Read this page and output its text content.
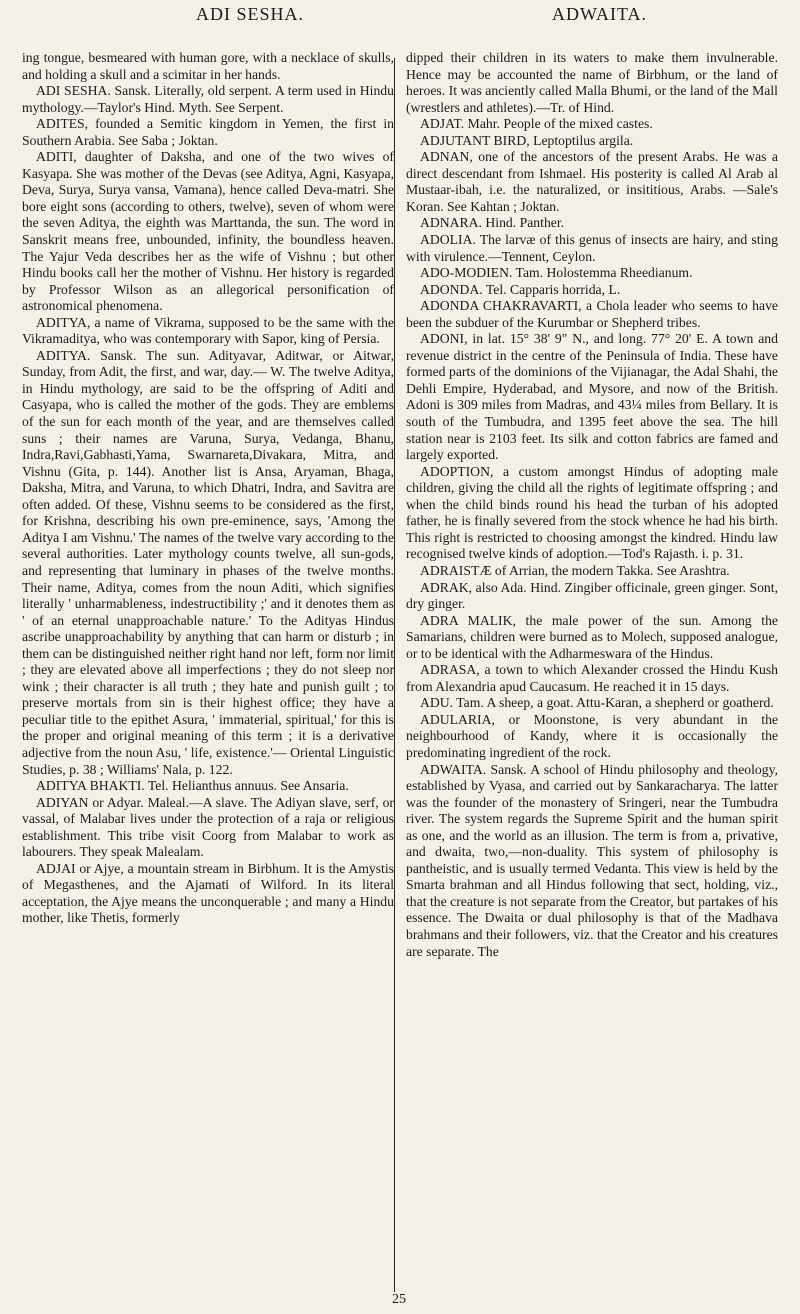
ADI SESHA.	ADWAITA.

ing tongue, besmeared with human gore, with a necklace of skulls, and holding a skull and a scimitar in her hands.

ADI SESHA. Sansk. Literally, old serpent. A term used in Hindu mythology.—Taylor's Hind. Myth. See Serpent.

ADITES, founded a Semitic kingdom in Yemen, the first in Southern Arabia. See Saba ; Joktan.

ADITI, daughter of Daksha, and one of the two wives of Kasyapa. She was mother of the Devas (see Aditya, Agni, Kasyapa, Deva, Surya, Surya vansa, Vamana), hence called Deva-matri. She bore eight sons (according to others, twelve), seven of whom were the seven Aditya, the eighth was Marttanda, the sun. The word in Sanskrit means free, unbounded, infinity, the boundless heaven. The Yajur Veda describes her as the wife of Vishnu ; but other Hindu books call her the mother of Vishnu. Her history is regarded by Professor Wilson as an allegorical personification of astronomical phenomena.

ADITYA, a name of Vikrama, supposed to be the same with the Vikramaditya, who was contemporary with Sapor, king of Persia.

ADITYA. Sansk. The sun. Adityavar, Aditwar, or Aitwar, Sunday, from Adit, the first, and war, day.— W. The twelve Aditya, in Hindu mythology, are said to be the offspring of Aditi and Casyapa, who is called the mother of the gods. They are emblems of the sun for each month of the year, and are themselves called suns ; their names are Varuna, Surya, Vedanga, Bhanu, Indra,Ravi,Gabhasti,Yama, Swarnareta,Divakara, Mitra, and Vishnu (Gita, p. 144). Another list is Ansa, Aryaman, Bhaga, Daksha, Mitra, and Varuna, to which Dhatri, Indra, and Savitra are often added. Of these, Vishnu seems to be considered as the first, for Krishna, describing his own pre-eminence, says, 'Among the Aditya I am Vishnu.' The names of the twelve vary according to the several authorities. Later mythology counts twelve, all sun-gods, and representing that luminary in phases of the twelve months. Their name, Aditya, comes from the noun Aditi, which signifies literally ' unharmableness, indestructibility ;' and it denotes them as ' of an eternal unapproachable nature.' To the Adityas Hindus ascribe unapproachability by anything that can harm or disturb ; in them can be distinguished neither right hand nor left, form nor limit ; they are elevated above all imperfections ; they do not sleep nor wink ; their character is all truth ; they hate and punish guilt ; to preserve mortals from sin is their highest office; they have a peculiar title to the epithet Asura, ' immaterial, spiritual,' for this is the proper and original meaning of this term ; it is a derivative adjective from the noun Asu, ' life, existence.'— Oriental Linguistic Studies, p. 38 ; Williams' Nala, p. 122.

ADITYA BHAKTI. Tel. Helianthus annuus. See Ansaria.

ADIYAN or Adyar. Maleal.—A slave. The Adiyan slave, serf, or vassal, of Malabar lives under the protection of a raja or religious establishment. This tribe visit Coorg from Malabar to work as labourers. They speak Malealam.

ADJAI or Ajye, a mountain stream in Birbhum. It is the Amystis of Megasthenes, and the Ajamati of Wilford. In its literal acceptation, the Ajye means the unconquerable ; and many a Hindu mother, like Thetis, formerly

dipped their children in its waters to make them invulnerable. Hence may be accounted the name of Birbhum, or the land of heroes. It was anciently called Malla Bhumi, or the land of the Mall (wrestlers and athletes).—Tr. of Hind.

ADJAT. Mahr. People of the mixed castes.

ADJUTANT BIRD, Leptoptilus argila.

ADNAN, one of the ancestors of the present Arabs. He was a direct descendant from Ishmael. His posterity is called Al Arab al Mustaar-ibah, i.e. the naturalized, or insititious, Arabs. —Sale's Koran. See Kahtan ; Joktan.

ADNARA. Hind. Panther.

ADOLIA. The larvæ of this genus of insects are hairy, and sting with virulence.—Tennent, Ceylon.

ADO-MODIEN. Tam. Holostemma Rheedianum.

ADONDA. Tel. Capparis horrida, L.

ADONDA CHAKRAVARTI, a Chola leader who seems to have been the subduer of the Kurumbar or Shepherd tribes.

ADONI, in lat. 15° 38' 9" N., and long. 77° 20' E. A town and revenue district in the centre of the Peninsula of India. These have formed parts of the dominions of the Vijianagar, the Adal Shahi, the Dehli Empire, Hyderabad, and Mysore, and now of the British. Adoni is 309 miles from Madras, and 43¼ miles from Bellary. It is south of the Tumbudra, and 1395 feet above the sea. The hill station near is 2103 feet. Its silk and cotton fabrics are famed and largely exported.

ADOPTION, a custom amongst Hindus of adopting male children, giving the child all the rights of legitimate offspring ; and when the child binds round his head the turban of his adopted father, he is finally severed from the stock whence he had his birth. This right is restricted to choosing amongst the kindred. Hindu law recognised twelve kinds of adoption.—Tod's Rajasth. i. p. 31.

ADRAISTÆ of Arrian, the modern Takka. See Arashtra.

ADRAK, also Ada. Hind. Zingiber officinale, green ginger. Sont, dry ginger.

ADRA MALIK, the male power of the sun. Among the Samarians, children were burned as to Molech, supposed analogue, or to be identical with the Adharmeswara of the Hindus.

ADRASA, a town to which Alexander crossed the Hindu Kush from Alexandria apud Caucasum. He reached it in 15 days.

ADU. Tam. A sheep, a goat. Attu-Karan, a shepherd or goatherd.

ADULARIA, or Moonstone, is very abundant in the neighbourhood of Kandy, where it is occasionally the predominating ingredient of the rock.

ADWAITA. Sansk. A school of Hindu philosophy and theology, established by Vyasa, and carried out by Sankaracharya. The latter was the founder of the monastery of Sringeri, near the Tumbudra river. The system regards the Supreme Spirit and the human spirit as one, and the world as an illusion. The term is from a, privative, and dwaita, two,—non-duality. This system of philosophy is pantheistic, and is usually termed Vedanta. This view is held by the Smarta brahman and all Hindus following that sect, holding, viz., that the creature is not separate from the Creator, but partakes of his essence. The Dwaita or dual philosophy is that of the Madhava brahmans and their followers, viz. that the Creator and his creatures are separate. The

25
